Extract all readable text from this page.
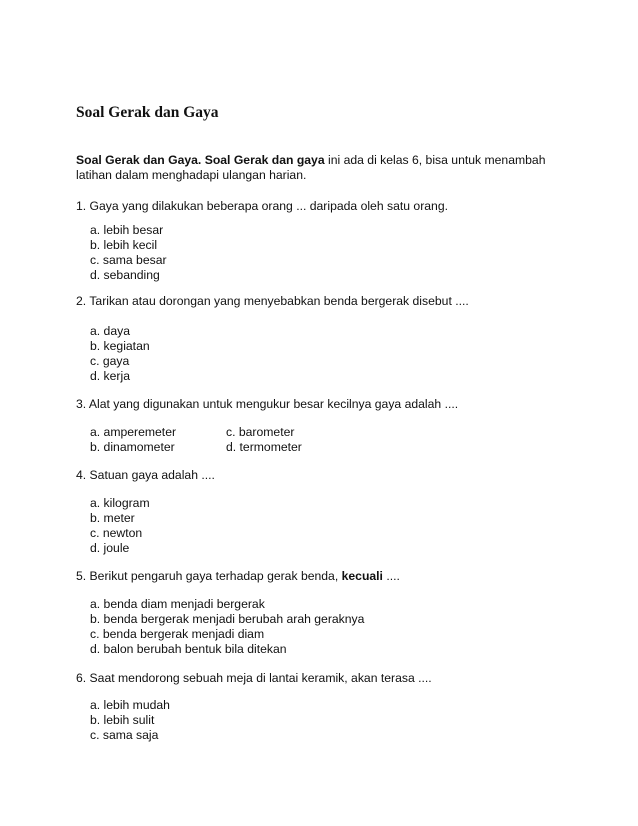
Soal Gerak dan Gaya
Soal Gerak dan Gaya. Soal Gerak dan gaya ini ada di kelas 6, bisa untuk menambah
latihan dalam menghadapi ulangan harian.
1. Gaya yang dilakukan beberapa orang ... daripada oleh satu orang.
a. lebih besar
b. lebih kecil
c. sama besar
d. sebanding
2. Tarikan atau dorongan yang menyebabkan benda bergerak disebut ....
a. daya
b. kegiatan
c. gaya
d. kerja
3. Alat yang digunakan untuk mengukur besar kecilnya gaya adalah ....
a. amperemeter	c. barometer
b. dinamometer	d. termometer
4. Satuan gaya adalah ....
a. kilogram
b. meter
c. newton
d. joule
5. Berikut pengaruh gaya terhadap gerak benda, kecuali ....
a. benda diam menjadi bergerak
b. benda bergerak menjadi berubah arah geraknya
c. benda bergerak menjadi diam
d. balon berubah bentuk bila ditekan
6. Saat mendorong sebuah meja di lantai keramik, akan terasa ....
a. lebih mudah
b. lebih sulit
c. sama saja
